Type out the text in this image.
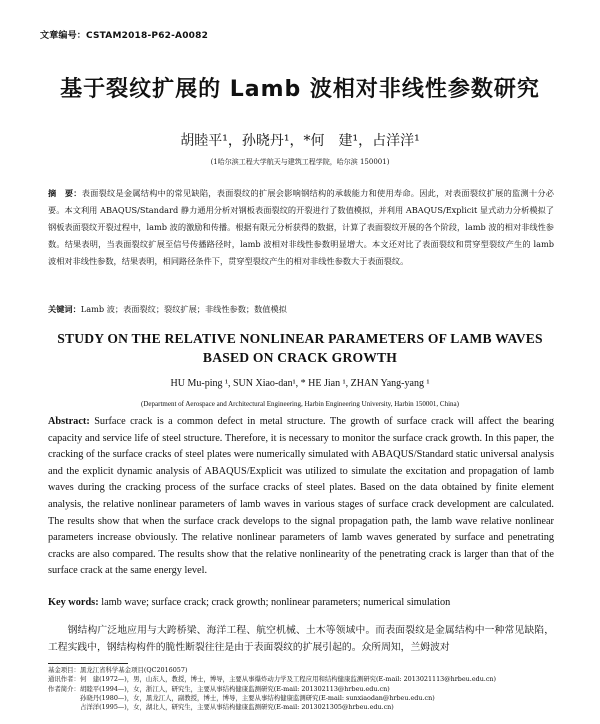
文章编号：CSTAM2018-P62-A0082
基于裂纹扩展的 Lamb 波相对非线性参数研究
胡睦平¹，孙晓丹¹，*何　建¹，占洋洋¹
(1哈尔滨工程大学航天与建筑工程学院，哈尔滨 150001)
摘　要：表面裂纹是金属结构中的常见缺陷，表面裂纹的扩展会影响钢结构的承载能力和使用寿命。因此，对表面裂纹扩展的监测十分必要。本文利用 ABAQUS/Standard 静力通用分析对钢板表面裂纹的开裂进行了数值模拟，并利用 ABAQUS/Explicit 显式动力分析模拟了钢板表面裂纹开裂过程中，lamb 波的激励和传播。根据有限元分析获得的数据，计算了表面裂纹开展的各个阶段，lamb 波的相对非线性参数。结果表明，当表面裂纹扩展至信号传播路径时，lamb 波相对非线性参数明显增大。本文还对比了表面裂纹和贯穿型裂纹产生的 lamb 波相对非线性参数，结果表明，相同路径条件下，贯穿型裂纹产生的相对非线性参数大于表面裂纹。
关键词：Lamb 波；表面裂纹；裂纹扩展；非线性参数；数值模拟
STUDY ON THE RELATIVE NONLINEAR PARAMETERS OF LAMB WAVES BASED ON CRACK GROWTH
HU Mu-ping ¹, SUN Xiao-dan¹, * HE Jian ¹, ZHAN Yang-yang ¹
(Department of Aerospace and Architectural Engineering, Harbin Engineering University, Harbin 150001, China)
Abstract: Surface crack is a common defect in metal structure. The growth of surface crack will affect the bearing capacity and service life of steel structure. Therefore, it is necessary to monitor the surface crack growth. In this paper, the cracking of the surface cracks of steel plates were numerically simulated with ABAQUS/Standard static universal analysis and the explicit dynamic analysis of ABAQUS/Explicit was utilized to simulate the excitation and propagation of lamb waves during the cracking process of the surface cracks of steel plates. Based on the data obtained by finite element analysis, the relative nonlinear parameters of lamb waves in various stages of surface crack development are calculated. The results show that when the surface crack develops to the signal propagation path, the lamb wave relative nonlinear parameters increase obviously. The relative nonlinear parameters of lamb waves generated by surface and penetrating cracks are also compared. The results show that the relative nonlinearity of the penetrating crack is larger than that of the surface crack at the same energy level.
Key words: lamb wave; surface crack; crack growth; nonlinear parameters; numerical simulation
钢结构广泛地应用与大跨桥梁、海洋工程、航空机械、土木等领域中。而表面裂纹是金属结构中一种常见缺陷，工程实践中，钢结构构件的脆性断裂往往是由于表面裂纹的扩展引起的。众所周知，兰姆波对
基金项目：黑龙江省科学基金项目(QC2016057)
通讯作者：何　建(1972—)，男，山东人，教授，博士，博导，主要从事爆炸动力学及工程应用和结构健康监测研究(E-mail: 2013021113@hrbeu.edu.cn)
作者简介：胡睦平(1994—)，女，浙江人，研究生，主要从事结构健康监测研究(E-mail: 201302113@hrbeu.edu.cn)
　　　　　孙晓丹(1980—)，女，黑龙江人，副教授，博士，博导，主要从事结构健康监测研究(E-mail: sunxiaodan@hrbeu.edu.cn)
　　　　　占洋洋(1995—)，女，湖北人，研究生，主要从事结构健康监测研究(E-mail: 2013021305@hrbeu.edu.cn)
